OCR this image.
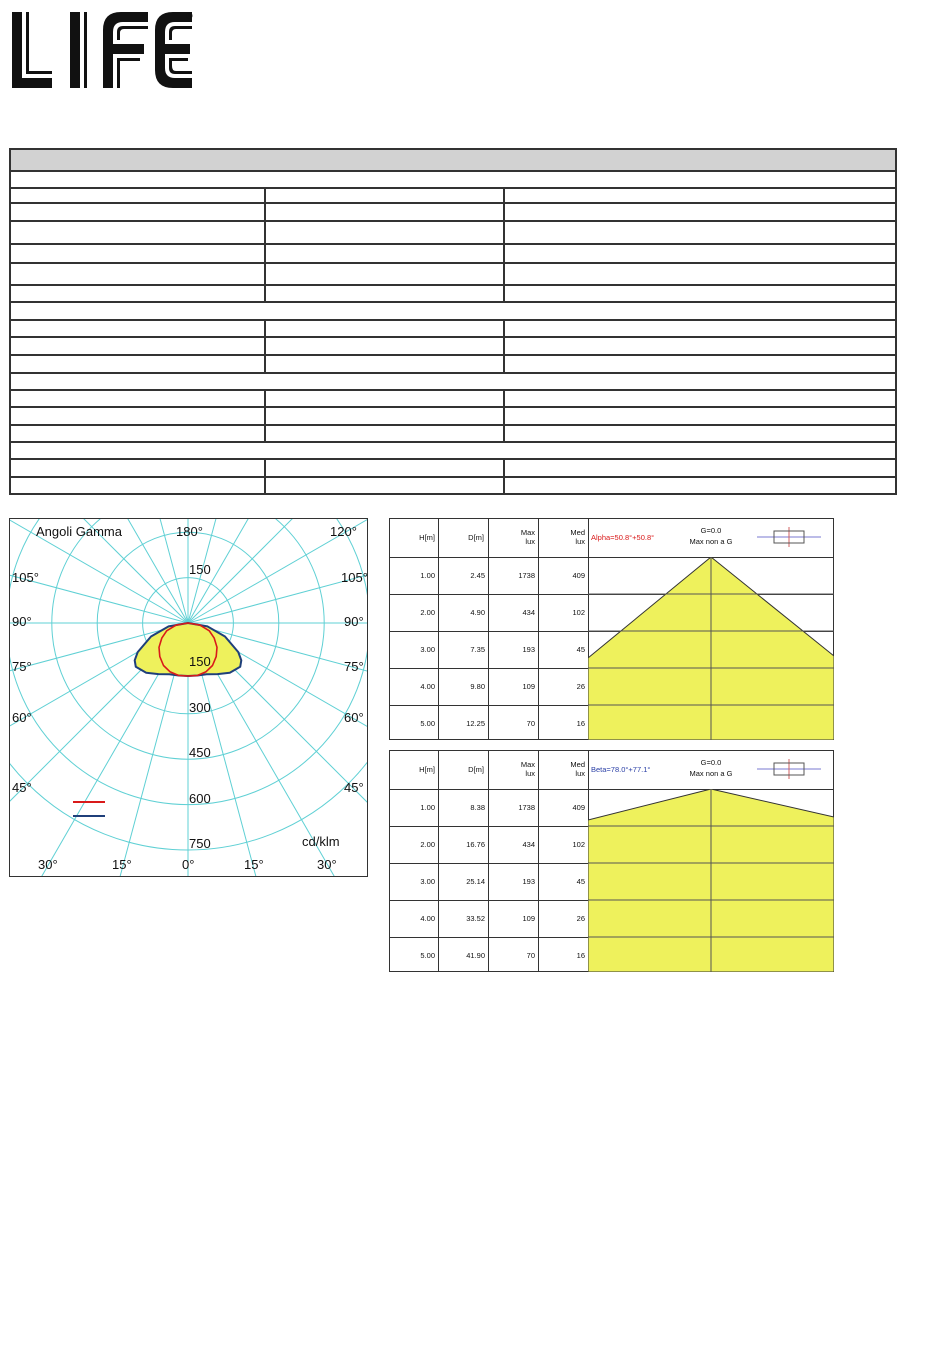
®
Angoli Gamma	180°	120°
105°
90°
75°
60°
45°
105°
90°
75°
60°
45°
150
150
300
450
600
750	cd/klm
30°	15°	0°	15°	30°
H[m]	D[m]
Max
lux
Med
lux Alpha=50.8°+50.8°
G=0.0
Max non a G
1.00	2.45	1738	409
2.00	4.90	434	102
3.00	7.35	193	45
4.00	9.80	109	26
5.00	12.25	70	16
H[m]	D[m]
Max
lux
Med
lux Beta=78.0°+77.1°
G=0.0
Max non a G
1.00	8.38	1738	409
2.00	16.76	434	102
3.00	25.14	193	45
4.00	33.52	109	26
5.00	41.90	70	16
